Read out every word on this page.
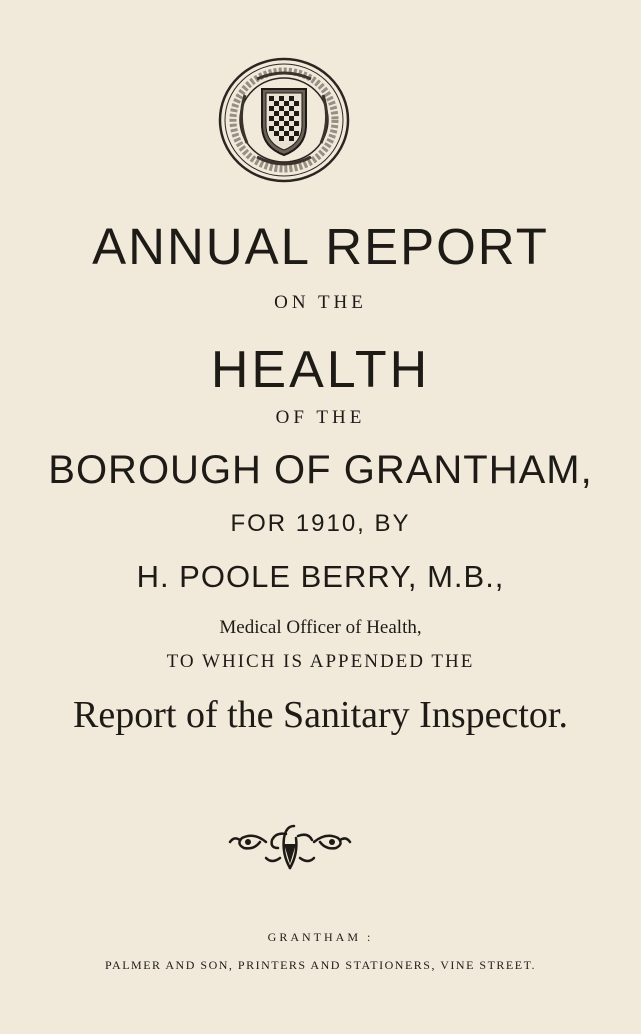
ANNUAL REPORT
ON THE
HEALTH
OF THE
BOROUGH OF GRANTHAM,
FOR 1910, BY
H. POOLE BERRY, M.B.,
Medical Officer of Health,
TO WHICH IS APPENDED THE
Report of the Sanitary Inspector.
GRANTHAM :
PALMER AND SON, PRINTERS AND STATIONERS, VINE STREET.
